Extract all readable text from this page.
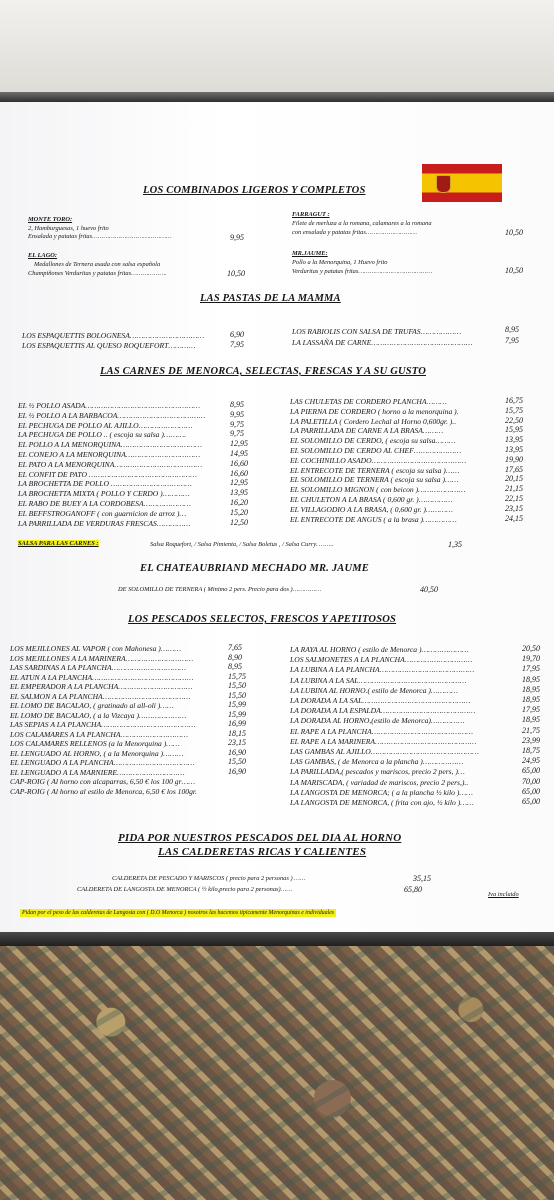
LOS COMBINADOS LIGEROS Y COMPLETOS
MONTE TORO:
2, Hamburguesas, 1 huevo frito
Ensalada y patatas fritas……………………………………	9,95
EL LAGO:
Medallones de Ternera asada con salsa española
Champiñones Verduritas y patatas fritas……………….	10,50
FARRAGUT :
Filete de merluza a la romana, calamares a la romana
con ensalada y patatas fritas………………………	10,50
MR.JAUME:
Pollo a la Menorquina, 1 Huevo frito
Verduritas y patatas fritas…………………………………	10,50
LAS PASTAS DE LA MAMMA
LOS ESPAQUETTIS BOLOGNESA……………………………	6,90
LOS ESPAQUETTIS AL QUESO ROQUEFORT…………	7,95
LOS RABIOLIS CON SALSA DE TRUFAS………………	8,95
LA LASSAÑA DE CARNE………………………………………	7,95
LAS CARNES DE MENORCA, SELECTAS, FRESCAS Y A SU GUSTO
EL ½ POLLO ASADA……………………………………………	8,95
EL ½ POLLO A LA BARBACOA…………………………………	9,95
EL PECHUGA DE POLLO AL AJILLO……………………	9,75
LA PECHUGA DE POLLO .. ( escoja su salsa )……….	9,75
EL POLLO A LA MENORQUINA………………………………	12,95
EL CONEJO A LA MENORQUINA……………………………	14,95
EL PATO A LA MENORQUINA…………………………………	16,60
EL CONFIT DE PATO …………………………………………	16,60
LA BROCHETTA DE POLLO ………………………………	12,95
LA BROCHETTA MIXTA ( POLLO Y CERDO )…………	13,95
EL RABO DE BUEY A LA CORDOBESA…………………	16,20
EL BEFFSTROGANOFF ( con guarnicion de arroz )…	15,20
LA PARRILLADA DE VERDURAS FRESCAS……………	12,50
LAS CHULETAS DE CORDERO PLANCHA………	16,75
LA PIERNA DE CORDERO ( horno a la menorquina ).	15,75
LA PALETILLA ( Cordero Lechal al Horno 0,600gr. )..	22,50
LA PARRILLADA DE CARNE A LA BRASA………	15,95
EL SOLOMILLO DE CERDO, ( escoja su salsa………	13,95
EL SOLOMILLO DE CERDO AL CHEF…………………	13,95
EL COCHINILLO ASADO……………………………………	19,90
EL ENTRECOTE DE TERNERA ( escoja su salsa )……	17,65
EL SOLOMILLO DE TERNERA ( escoja su salsa )……	20,15
EL SOLOMILLO MIGNON ( con beicon )…………………	21,15
EL CHULETON A LA BRASA ( 0,600 gr. )……………	22,15
EL VILLAGODIO A LA BRASA, ( 0,600 gr. )…………	23,15
EL ENTRECOTE DE ANGUS ( a la brasa )……………	24,15
SALSA PARA LAS CARNES :	Salsa Roquefort, / Salsa Pimienta, / Salsa Boletus , / Salsa Curry. ……..	1,35
EL CHATEAUBRIAND MECHADO MR. JAUME
DE SOLOMILLO DE TERNERA ( Minimo 2 pers. Precio para dos )……………	40,50
LOS PESCADOS SELECTOS, FRESCOS Y APETITOSOS
LOS MEJILLONES AL VAPOR ( con Mahonesa )………	7,65
LOS MEJILLONES A LA MARINERA…………………………	8,90
LAS SARDINAS A LA PLANCHA……………………………	8,95
EL ATUN A LA PLANCHA………………………………………	15,75
EL EMPERADOR A LA PLANCHA……………………………	15,50
EL SALMON A LA PLANCHA…………………………………	15,50
EL LOMO DE BACALAO, ( gratinado al all-oli )……	15,99
EL LOMO DE BACALAO, ( a la Vizcaya )…………………	15,99
LAS SEPIAS A LA PLANCHA……………………………………	16,99
LOS CALAMARES A LA PLANCHA…………………………	18,15
LOS CALAMARES RELLENOS (a la Menorquina )……	23,15
EL LENGUADO AL HORNO, ( a la Menorquina )………	16,90
EL LENGUADO A LA PLANCHA………………………………	15,50
EL LENGUADO A LA MARNIERE…………………………	16,90
CAP-ROIG ( Al horno con alcaparras, 6,50 € los 100 gr……
CAP-ROIG ( Al horno al estilo de Menorca, 6,50 € los 100gr.
LA RAYA AL HORNO ( estilo de Menorca )…………………	20,50
LOS SALMONETES A LA PLANCHA…………………………	19,70
LA LUBINA A LA PLANCHA……………………………………	17,95
LA LUBINA A LA SAL…………………………………………	18,95
LA LUBINA AL HORNO.( estilo de Menorca )…………	18,95
LA DORADA A LA SAL…………………………………………	18,95
LA DORADA A LA ESPALDA……………………………………	17,95
LA DORADA AL HORNO,(estilo de Menorca)……………	18,95
EL RAPE A LA PLANCHA………………………………………	21,75
EL RAPE A LA MARINERA………………………………………	23,99
LAS GAMBAS AL AJILLO…………………………………………	18,75
LAS GAMBAS, ( de Menorca a la plancha )………………	24,95
LA PARILLADA,( pescados y mariscos, precio 2 pers, )…	65,00
LA MARISCADA, ( variadad de mariscos, precio 2 pers,)..	70,00
LA LANGOSTA DE MENORCA; ( a la plancha ½ kilo )……	65,00
LA LANGOSTA DE MENORCA, ( frita con ajo, ½ kilo )……	65,00
PIDA POR NUESTROS PESCADOS DEL DIA AL HORNO
LAS CALDERETAS RICAS Y CALIENTES
CALDERETA DE PESCADO Y MARISCOS ( precio para 2 personas ) ……	35,15
CALDERETA DE LANGOSTA DE MENORCA ( ½ kilo,precio para 2 personas)……	65,80
Iva incluido
Pidan por el peso de las calderetas de Langosta con ( D.O Menorca ) nosotros las hacemos tipicamente Menorquinas e individuales
